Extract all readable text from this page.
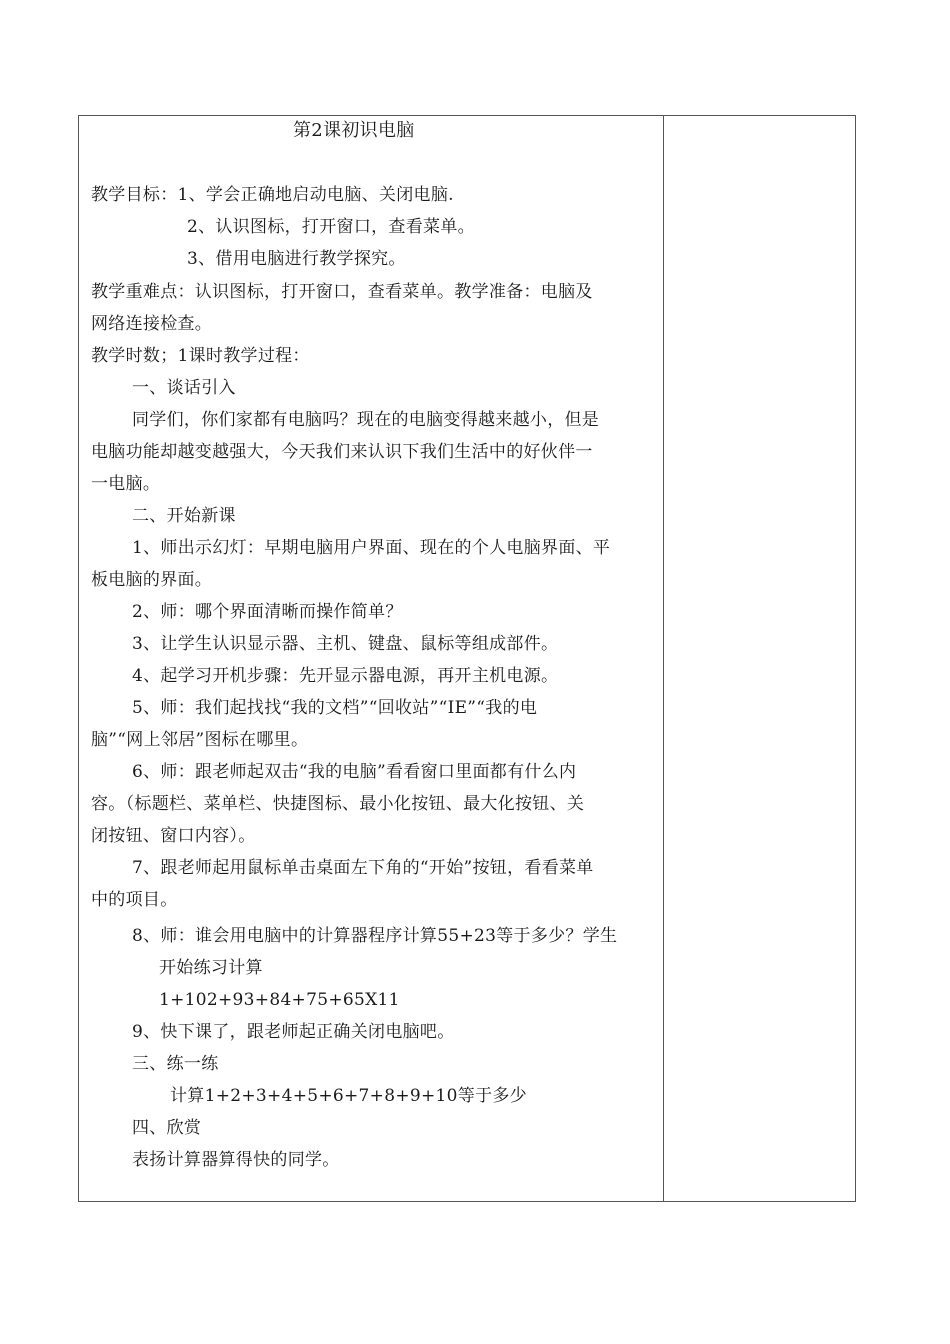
第2课初识电脑
教学目标：1、学会正确地启动电脑、关闭电脑.
2、认识图标，打开窗口，查看菜单。
3、借用电脑进行教学探究。
教学重难点：认识图标，打开窗口，查看菜单。教学准备：电脑及
网络连接检查。
教学时数；1课时教学过程：
一、谈话引入
同学们，你们家都有电脑吗？现在的电脑变得越来越小，但是
电脑功能却越变越强大，今天我们来认识下我们生活中的好伙伴一
一电脑。
二、开始新课
1、师出示幻灯：早期电脑用户界面、现在的个人电脑界面、平
板电脑的界面。
2、师：哪个界面清晰而操作简单？
3、让学生认识显示器、主机、键盘、鼠标等组成部件。
4、起学习开机步骤：先开显示器电源，再开主机电源。
5、师：我们起找找“我的文档”“回收站”“IE”“我的电
脑”“网上邻居”图标在哪里。
6、师：跟老师起双击“我的电脑”看看窗口里面都有什么内
容。（标题栏、菜单栏、快捷图标、最小化按钮、最大化按钮、关
闭按钮、窗口内容）。
7、跟老师起用鼠标单击桌面左下角的“开始”按钮，看看菜单
中的项目。
8、师：谁会用电脑中的计算器程序计算55+23等于多少？学生
开始练习计算
1+102+93+84+75+65X11
9、快下课了，跟老师起正确关闭电脑吧。
三、练一练
计算1+2+3+4+5+6+7+8+9+10等于多少
四、欣赏
表扬计算器算得快的同学。
